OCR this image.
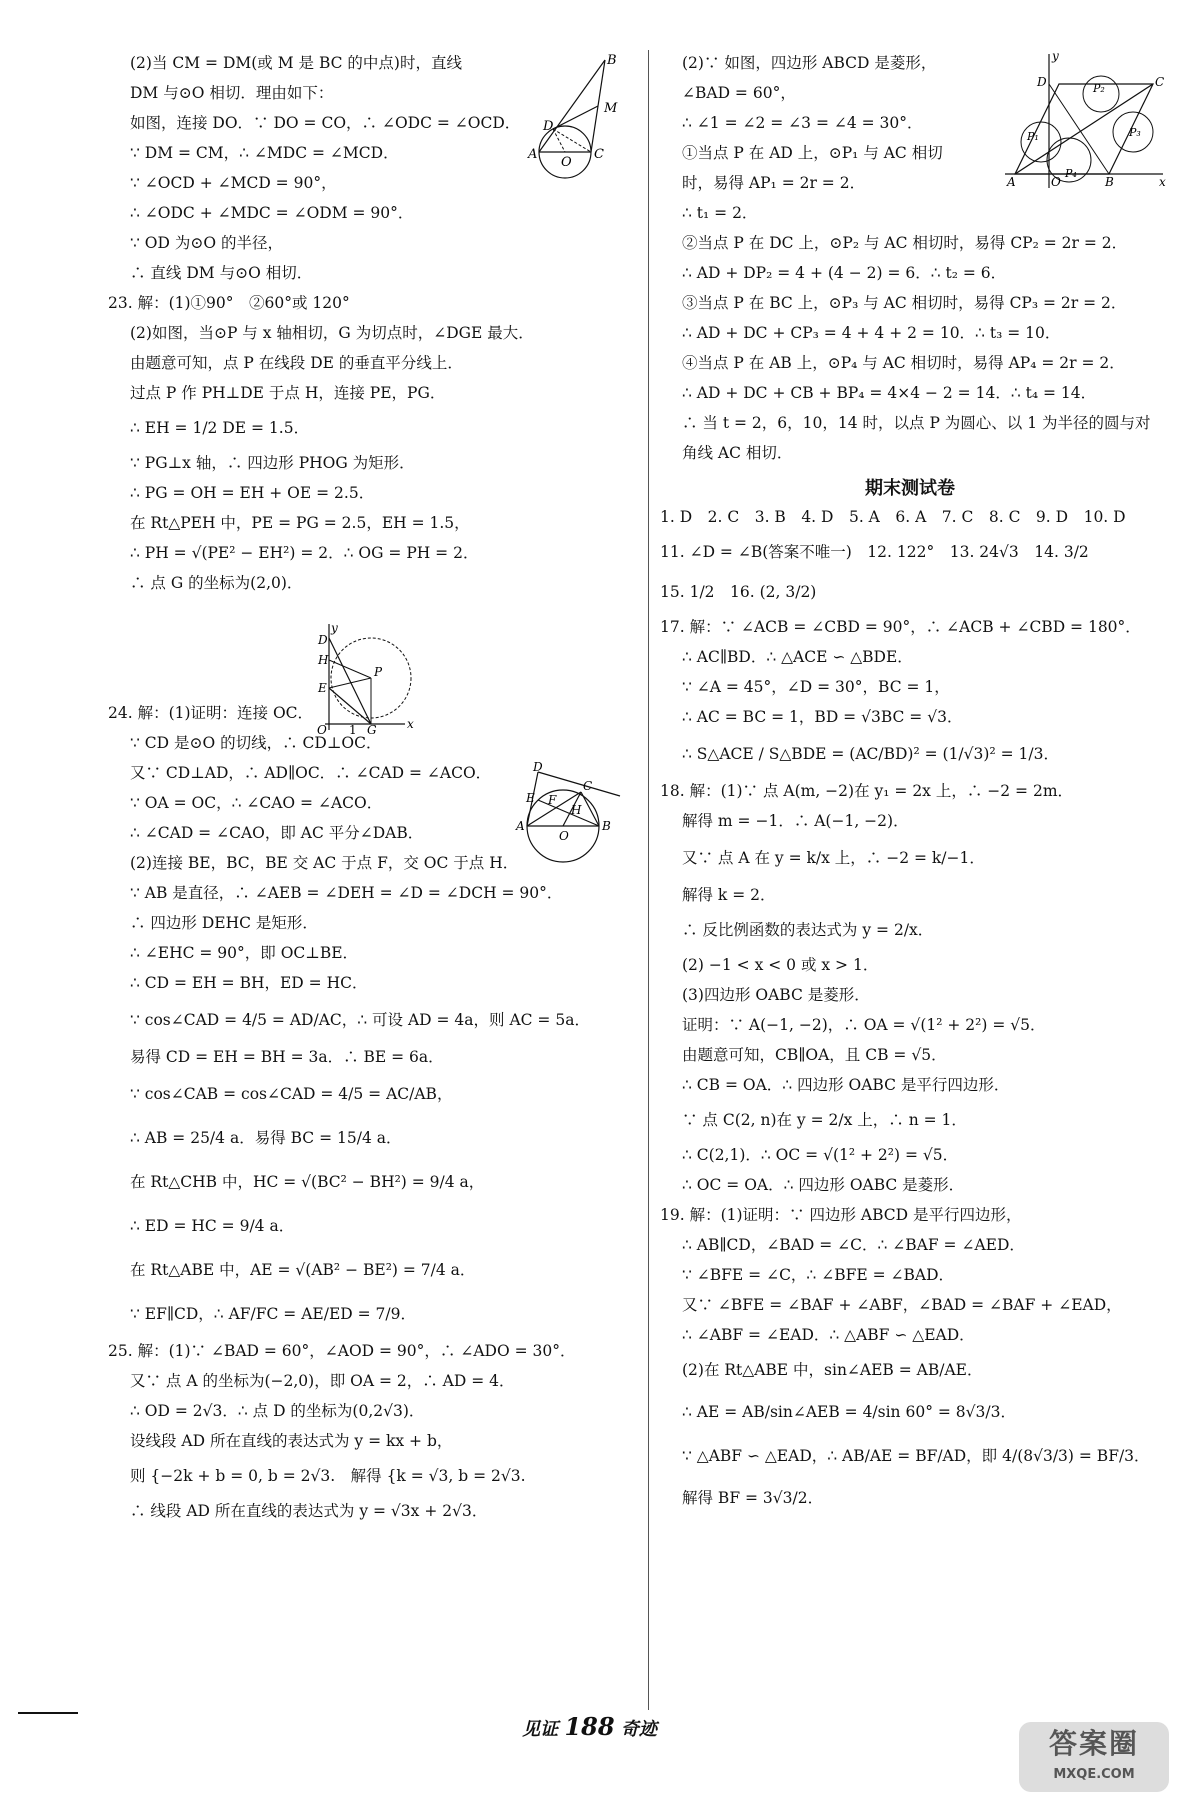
(2)当 CM = DM(或 M 是 BC 的中点)时，直线
DM 与⊙O 相切．理由如下：
如图，连接 DO．∵ DO = CO，∴ ∠ODC = ∠OCD．
∵ DM = CM，∴ ∠MDC = ∠MCD．
∵ ∠OCD + ∠MCD = 90°，
∴ ∠ODC + ∠MDC = ∠ODM = 90°．
∵ OD 为⊙O 的半径，
∴ 直线 DM 与⊙O 相切．
23. 解：(1)①90°　②60°或 120°
(2)如图，当⊙P 与 x 轴相切，G 为切点时，∠DGE 最大．
由题意可知，点 P 在线段 DE 的垂直平分线上．
过点 P 作 PH⊥DE 于点 H，连接 PE，PG．
∴ EH = 1/2 DE = 1.5．
∵ PG⊥x 轴，∴ 四边形 PHOG 为矩形．
∴ PG = OH = EH + OE = 2.5．
在 Rt△PEH 中，PE = PG = 2.5，EH = 1.5，
∴ PH = √(PE² − EH²) = 2．∴ OG = PH = 2．
∴ 点 G 的坐标为(2,0)．
24. 解：(1)证明：连接 OC．
∵ CD 是⊙O 的切线，∴ CD⊥OC．
又∵ CD⊥AD，∴ AD∥OC．∴ ∠CAD = ∠ACO．
∵ OA = OC，∴ ∠CAO = ∠ACO．
∴ ∠CAD = ∠CAO，即 AC 平分∠DAB．
(2)连接 BE，BC，BE 交 AC 于点 F，交 OC 于点 H．
∵ AB 是直径，∴ ∠AEB = ∠DEH = ∠D = ∠DCH = 90°．
∴ 四边形 DEHC 是矩形．
∴ ∠EHC = 90°，即 OC⊥BE．
∴ CD = EH = BH，ED = HC．
∵ cos∠CAD = 4/5 = AD/AC，∴ 可设 AD = 4a，则 AC = 5a．
易得 CD = EH = BH = 3a．∴ BE = 6a．
∵ cos∠CAB = cos∠CAD = 4/5 = AC/AB，
∴ AB = 25/4 a．易得 BC = 15/4 a．
在 Rt△CHB 中，HC = √(BC² − BH²) = 9/4 a，
∴ ED = HC = 9/4 a．
在 Rt△ABE 中，AE = √(AB² − BE²) = 7/4 a．
∵ EF∥CD，∴ AF/FC = AE/ED = 7/9．
25. 解：(1)∵ ∠BAD = 60°，∠AOD = 90°，∴ ∠ADO = 30°．
又∵ 点 A 的坐标为(−2,0)，即 OA = 2，∴ AD = 4．
∴ OD = 2√3．∴ 点 D 的坐标为(0,2√3)．
设线段 AD 所在直线的表达式为 y = kx + b，
则 {−2k + b = 0, b = 2√3.　解得 {k = √3, b = 2√3.
∴ 线段 AD 所在直线的表达式为 y = √3x + 2√3．
(2)∵ 如图，四边形 ABCD 是菱形，
∠BAD = 60°，
∴ ∠1 = ∠2 = ∠3 = ∠4 = 30°．
①当点 P 在 AD 上，⊙P₁ 与 AC 相切
时，易得 AP₁ = 2r = 2．
∴ t₁ = 2．
②当点 P 在 DC 上，⊙P₂ 与 AC 相切时，易得 CP₂ = 2r = 2．
∴ AD + DP₂ = 4 + (4 − 2) = 6．∴ t₂ = 6．
③当点 P 在 BC 上，⊙P₃ 与 AC 相切时，易得 CP₃ = 2r = 2．
∴ AD + DC + CP₃ = 4 + 4 + 2 = 10．∴ t₃ = 10．
④当点 P 在 AB 上，⊙P₄ 与 AC 相切时，易得 AP₄ = 2r = 2．
∴ AD + DC + CB + BP₄ = 4×4 − 2 = 14．∴ t₄ = 14．
∴ 当 t = 2，6，10，14 时，以点 P 为圆心、以 1 为半径的圆与对
角线 AC 相切．
期末测试卷
1. D　2. C　3. B　4. D　5. A　6. A　7. C　8. C　9. D　10. D
11. ∠D = ∠B(答案不唯一)　12. 122°　13. 24√3　14. 3/2
15. 1/2　16. (2, 3/2)
17. 解：∵ ∠ACB = ∠CBD = 90°，∴ ∠ACB + ∠CBD = 180°．
∴ AC∥BD．∴ △ACE ∽ △BDE．
∵ ∠A = 45°，∠D = 30°，BC = 1，
∴ AC = BC = 1，BD = √3BC = √3．
∴ S△ACE / S△BDE = (AC/BD)² = (1/√3)² = 1/3．
18. 解：(1)∵ 点 A(m, −2)在 y₁ = 2x 上，∴ −2 = 2m．
解得 m = −1．∴ A(−1, −2)．
又∵ 点 A 在 y = k/x 上，∴ −2 = k/−1．
解得 k = 2．
∴ 反比例函数的表达式为 y = 2/x．
(2) −1 < x < 0 或 x > 1．
(3)四边形 OABC 是菱形．
证明：∵ A(−1, −2)，∴ OA = √(1² + 2²) = √5．
由题意可知，CB∥OA，且 CB = √5．
∴ CB = OA．∴ 四边形 OABC 是平行四边形．
∵ 点 C(2, n)在 y = 2/x 上，∴ n = 1．
∴ C(2,1)．∴ OC = √(1² + 2²) = √5．
∴ OC = OA．∴ 四边形 OABC 是菱形．
19. 解：(1)证明：∵ 四边形 ABCD 是平行四边形，
∴ AB∥CD，∠BAD = ∠C．∴ ∠BAF = ∠AED．
∵ ∠BFE = ∠C，∴ ∠BFE = ∠BAD．
又∵ ∠BFE = ∠BAF + ∠ABF，∠BAD = ∠BAF + ∠EAD，
∴ ∠ABF = ∠EAD．∴ △ABF ∽ △EAD．
(2)在 Rt△ABE 中，sin∠AEB = AB/AE．
∴ AE = AB/sin∠AEB = 4/sin 60° = 8√3/3．
∵ △ABF ∽ △EAD，∴ AB/AE = BF/AD，即 4/(8√3/3) = BF/3．
解得 BF = 3√3/2．
B
M
D
A
O
C
y
D
H
P
E
O 1 G	x
D
C
E F
H
A
O
B
y
D	P₂	C
P₁	P₃
A	O
P₄
B	x
见证 188 奇迹	答案圈
MXQE.COM
